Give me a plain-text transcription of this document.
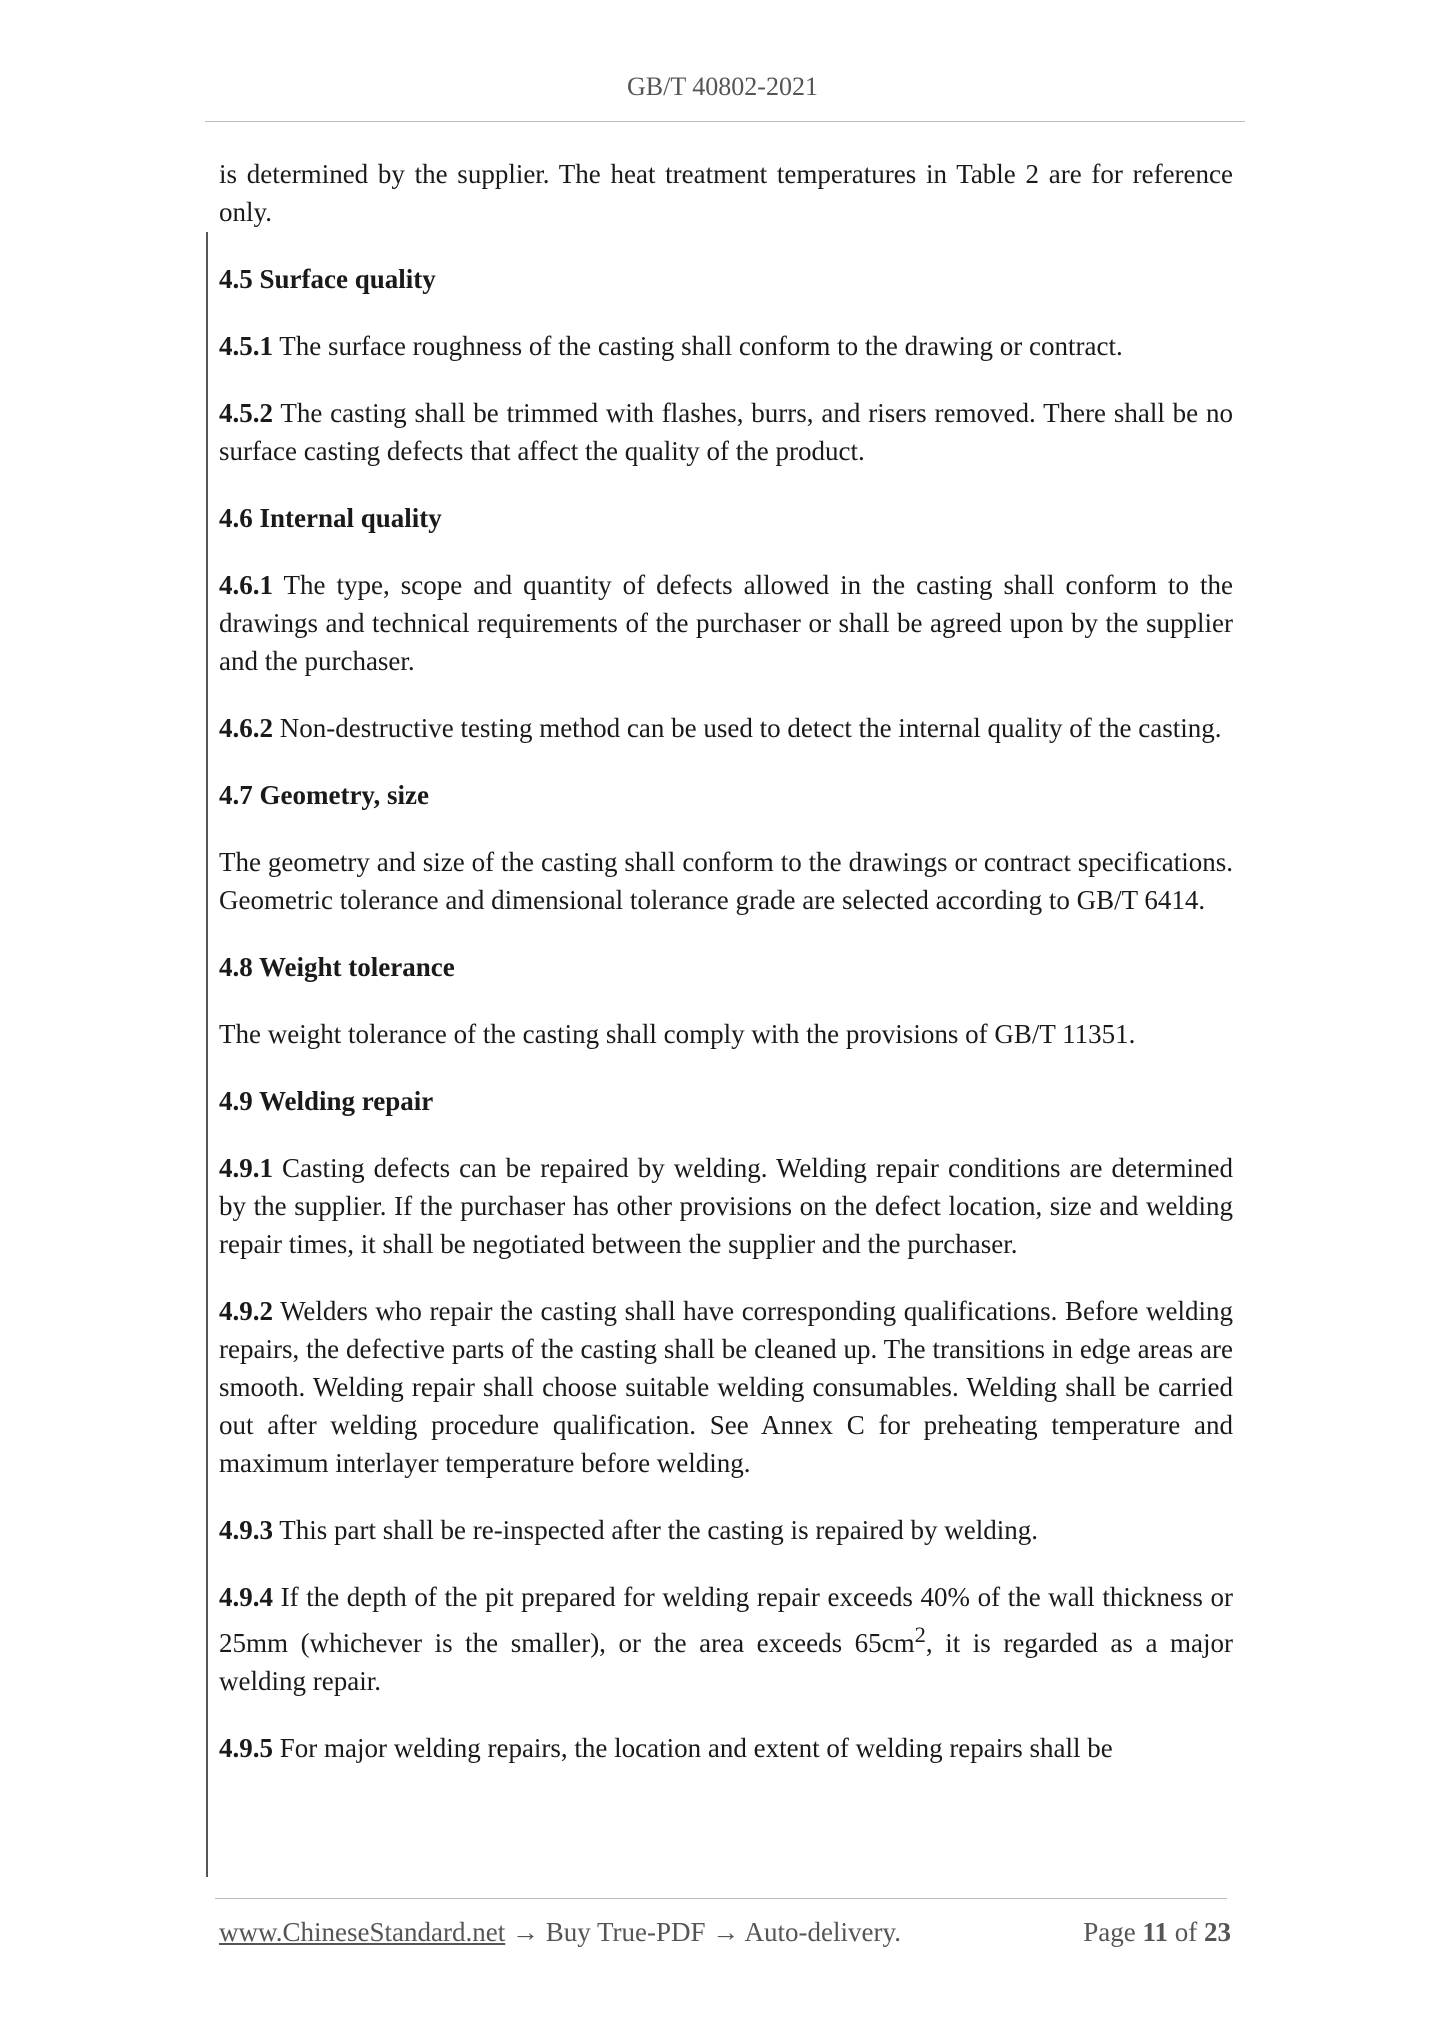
GB/T 40802-2021

is determined by the supplier. The heat treatment temperatures in Table 2 are for reference only.

4.5 Surface quality

4.5.1 The surface roughness of the casting shall conform to the drawing or contract.

4.5.2 The casting shall be trimmed with flashes, burrs, and risers removed. There shall be no surface casting defects that affect the quality of the product.

4.6 Internal quality

4.6.1 The type, scope and quantity of defects allowed in the casting shall conform to the drawings and technical requirements of the purchaser or shall be agreed upon by the supplier and the purchaser.

4.6.2 Non-destructive testing method can be used to detect the internal quality of the casting.

4.7 Geometry, size

The geometry and size of the casting shall conform to the drawings or contract specifications. Geometric tolerance and dimensional tolerance grade are selected according to GB/T 6414.

4.8 Weight tolerance

The weight tolerance of the casting shall comply with the provisions of GB/T 11351.

4.9 Welding repair

4.9.1 Casting defects can be repaired by welding. Welding repair conditions are determined by the supplier. If the purchaser has other provisions on the defect location, size and welding repair times, it shall be negotiated between the supplier and the purchaser.

4.9.2 Welders who repair the casting shall have corresponding qualifications. Before welding repairs, the defective parts of the casting shall be cleaned up. The transitions in edge areas are smooth. Welding repair shall choose suitable welding consumables. Welding shall be carried out after welding procedure qualification. See Annex C for preheating temperature and maximum interlayer temperature before welding.

4.9.3 This part shall be re-inspected after the casting is repaired by welding.

4.9.4 If the depth of the pit prepared for welding repair exceeds 40% of the wall thickness or 25mm (whichever is the smaller), or the area exceeds $65cm^2$, it is regarded as a major welding repair.

4.9.5 For major welding repairs, the location and extent of welding repairs shall be

www.ChineseStandard.net → Buy True-PDF → Auto-delivery.	Page 11 of 23
